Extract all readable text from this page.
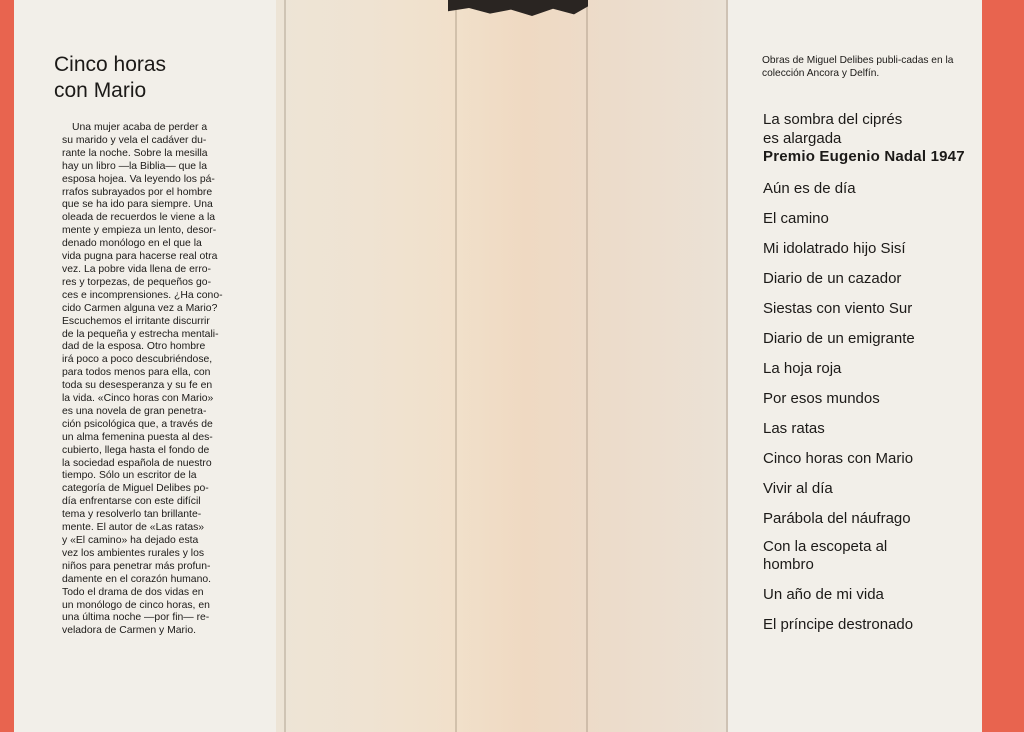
Cinco horas
con Mario
Una mujer acaba de perder a
su marido y vela el cadáver du-
rante la noche. Sobre la mesilla
hay un libro —la Biblia— que la
esposa hojea. Va leyendo los pá-
rrafos subrayados por el hombre
que se ha ido para siempre. Una
oleada de recuerdos le viene a la
mente y empieza un lento, desor-
denado monólogo en el que la
vida pugna para hacerse real otra
vez. La pobre vida llena de erro-
res y torpezas, de pequeños go-
ces e incomprensiones. ¿Ha cono-
cido Carmen alguna vez a Mario?
Escuchemos el irritante discurrir
de la pequeña y estrecha mentali-
dad de la esposa. Otro hombre
irá poco a poco descubriéndose,
para todos menos para ella, con
toda su desesperanza y su fe en
la vida. «Cinco horas con Mario»
es una novela de gran penetra-
ción psicológica que, a través de
un alma femenina puesta al des-
cubierto, llega hasta el fondo de
la sociedad española de nuestro
tiempo. Sólo un escritor de la
categoría de Miguel Delibes po-
día enfrentarse con este difícil
tema y resolverlo tan brillante-
mente. El autor de «Las ratas»
y «El camino» ha dejado esta
vez los ambientes rurales y los
niños para penetrar más profun-
damente en el corazón humano.
Todo el drama de dos vidas en
un monólogo de cinco horas, en
una última noche —por fin— re-
veladora de Carmen y Mario.
Obras de Miguel Delibes publi-cadas en la colección Ancora y Delfín.
La sombra del ciprés
es alargada
Premio Eugenio Nadal 1947
Aún es de día
El camino
Mi idolatrado hijo Sisí
Diario de un cazador
Siestas con viento Sur
Diario de un emigrante
La hoja roja
Por esos mundos
Las ratas
Cinco horas con Mario
Vivir al día
Parábola del náufrago
Con la escopeta al
hombro
Un año de mi vida
El príncipe destronado
